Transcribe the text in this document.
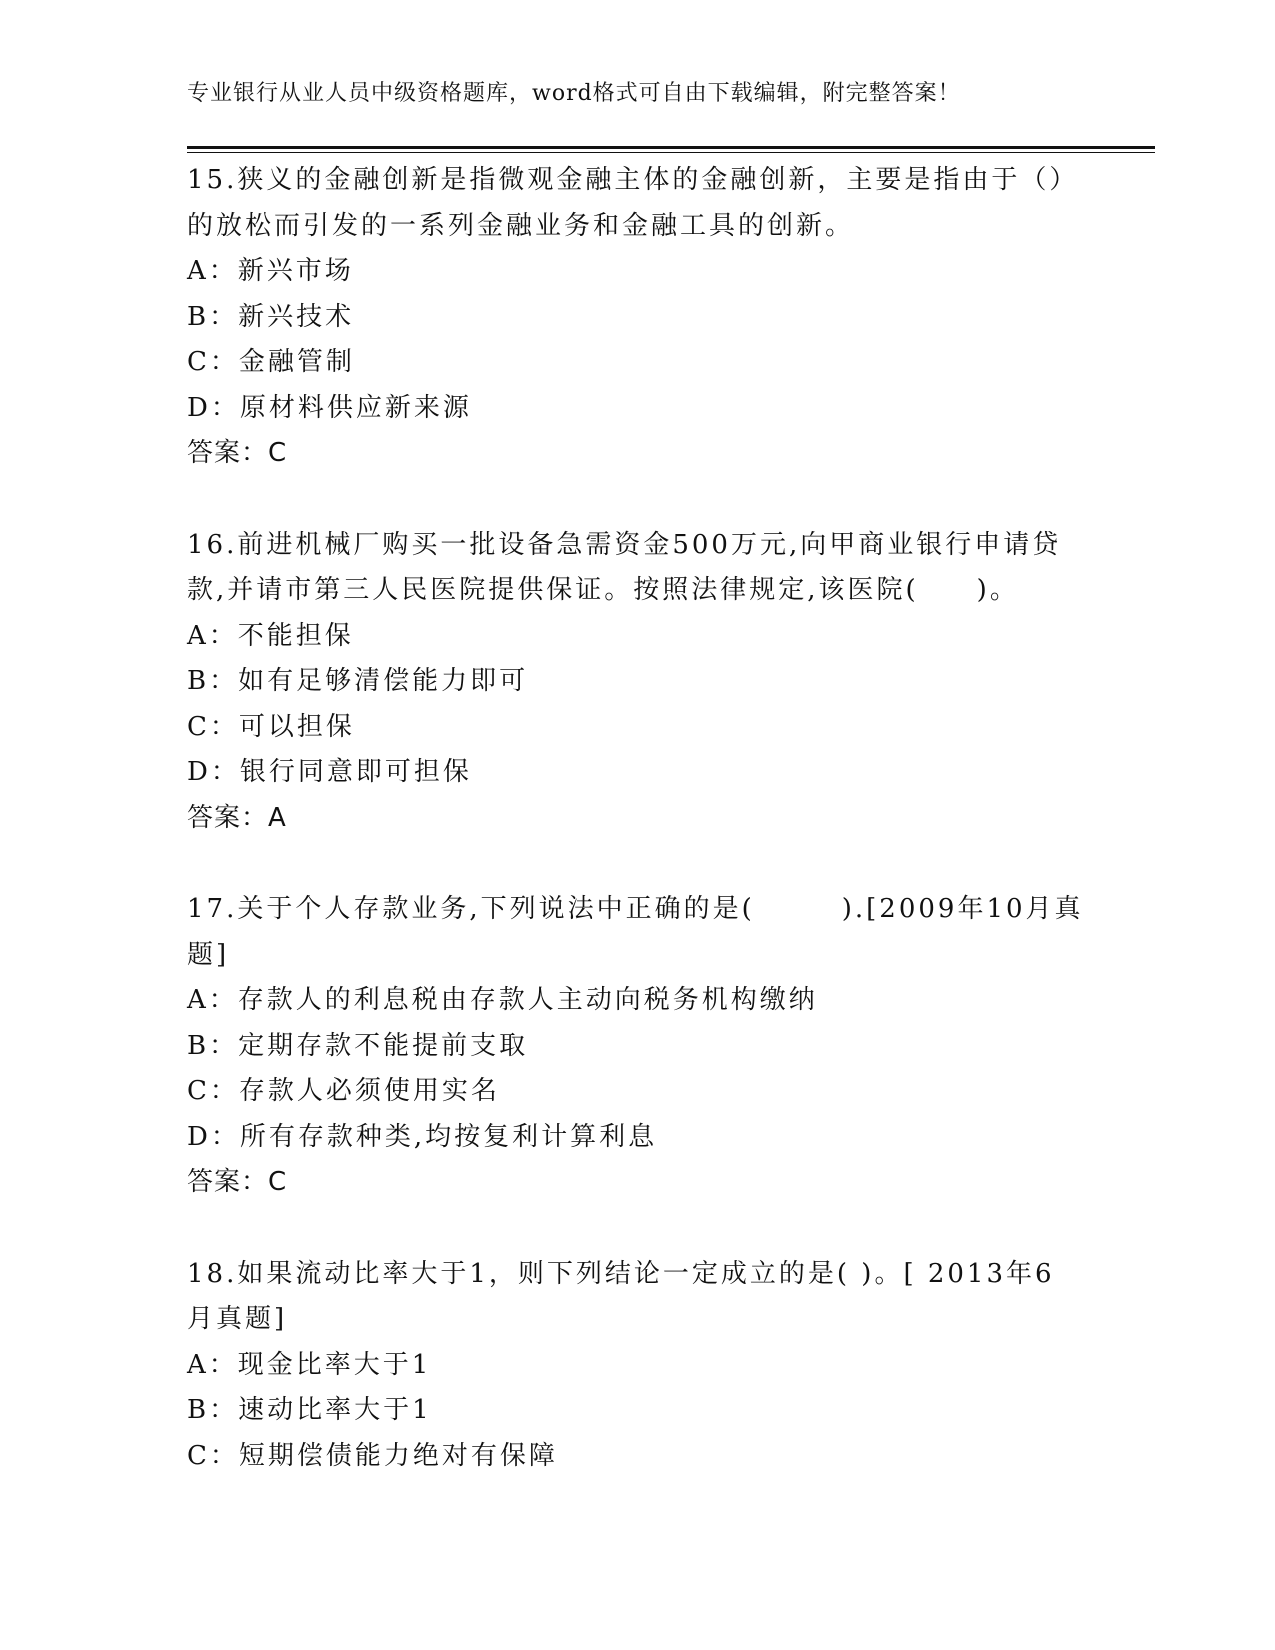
专业银行从业人员中级资格题库，word格式可自由下载编辑，附完整答案！
15.狭义的金融创新是指微观金融主体的金融创新，主要是指由于（）
的放松而引发的一系列金融业务和金融工具的创新。
A：新兴市场
B：新兴技术
C：金融管制
D：原材料供应新来源
答案：C
16.前进机械厂购买一批设备急需资金500万元,向甲商业银行申请贷
款,并请市第三人民医院提供保证。按照法律规定,该医院(　　)。
A：不能担保
B：如有足够清偿能力即可
C：可以担保
D：银行同意即可担保
答案：A
17.关于个人存款业务,下列说法中正确的是(　　　).[2009年10月真
题]
A：存款人的利息税由存款人主动向税务机构缴纳
B：定期存款不能提前支取
C：存款人必须使用实名
D：所有存款种类,均按复利计算利息
答案：C
18.如果流动比率大于1，则下列结论一定成立的是( )。[ 2013年6
月真题]
A：现金比率大于1
B：速动比率大于1
C：短期偿债能力绝对有保障
